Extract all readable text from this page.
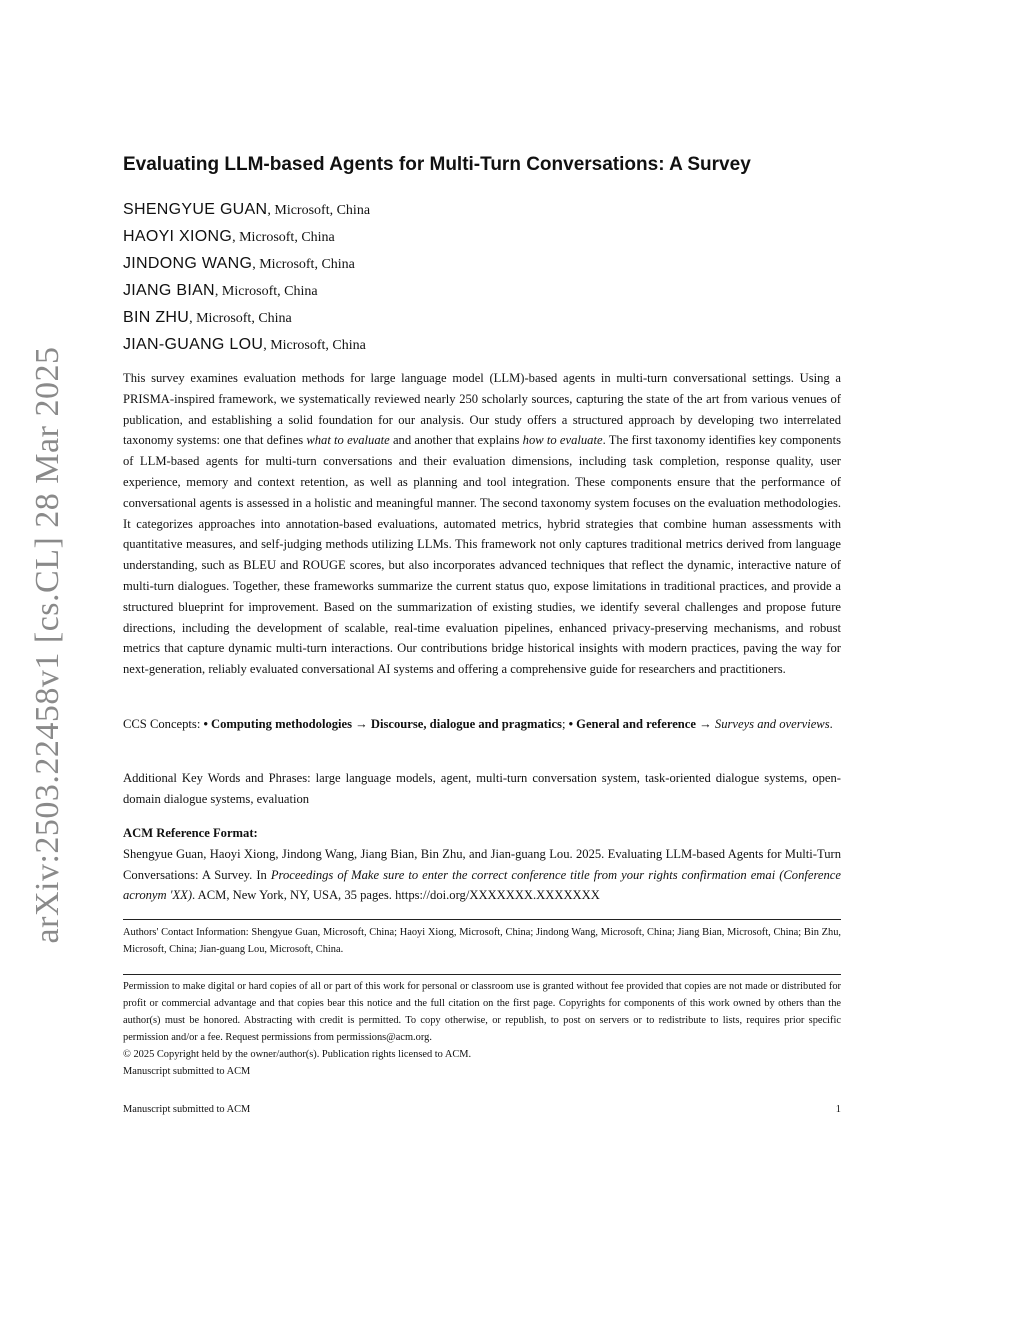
arXiv:2503.22458v1 [cs.CL] 28 Mar 2025
Evaluating LLM-based Agents for Multi-Turn Conversations: A Survey
SHENGYUE GUAN, Microsoft, China
HAOYI XIONG, Microsoft, China
JINDONG WANG, Microsoft, China
JIANG BIAN, Microsoft, China
BIN ZHU, Microsoft, China
JIAN-GUANG LOU, Microsoft, China

This survey examines evaluation methods for large language model (LLM)-based agents in multi-turn conversational settings. Using a PRISMA-inspired framework, we systematically reviewed nearly 250 scholarly sources, capturing the state of the art from various venues of publication, and establishing a solid foundation for our analysis. Our study offers a structured approach by developing two interrelated taxonomy systems: one that defines what to evaluate and another that explains how to evaluate. The first taxonomy identifies key components of LLM-based agents for multi-turn conversations and their evaluation dimensions, including task completion, response quality, user experience, memory and context retention, as well as planning and tool integration. These components ensure that the performance of conversational agents is assessed in a holistic and meaningful manner. The second taxonomy system focuses on the evaluation methodologies. It categorizes approaches into annotation-based evaluations, automated metrics, hybrid strategies that combine human assessments with quantitative measures, and self-judging methods utilizing LLMs. This framework not only captures traditional metrics derived from language understanding, such as BLEU and ROUGE scores, but also incorporates advanced techniques that reflect the dynamic, interactive nature of multi-turn dialogues. Together, these frameworks summarize the current status quo, expose limitations in traditional practices, and provide a structured blueprint for improvement. Based on the summarization of existing studies, we identify several challenges and propose future directions, including the development of scalable, real-time evaluation pipelines, enhanced privacy-preserving mechanisms, and robust metrics that capture dynamic multi-turn interactions. Our contributions bridge historical insights with modern practices, paving the way for next-generation, reliably evaluated conversational AI systems and offering a comprehensive guide for researchers and practitioners.

CCS Concepts: • Computing methodologies → Discourse, dialogue and pragmatics; • General and reference → Surveys and overviews.

Additional Key Words and Phrases: large language models, agent, multi-turn conversation system, task-oriented dialogue systems, open-domain dialogue systems, evaluation

ACM Reference Format:
Shengyue Guan, Haoyi Xiong, Jindong Wang, Jiang Bian, Bin Zhu, and Jian-guang Lou. 2025. Evaluating LLM-based Agents for Multi-Turn Conversations: A Survey. In Proceedings of Make sure to enter the correct conference title from your rights confirmation emai (Conference acronym 'XX). ACM, New York, NY, USA, 35 pages. https://doi.org/XXXXXXX.XXXXXXX

Authors' Contact Information: Shengyue Guan, Microsoft, China; Haoyi Xiong, Microsoft, China; Jindong Wang, Microsoft, China; Jiang Bian, Microsoft, China; Bin Zhu, Microsoft, China; Jian-guang Lou, Microsoft, China.

Permission to make digital or hard copies of all or part of this work for personal or classroom use is granted without fee provided that copies are not made or distributed for profit or commercial advantage and that copies bear this notice and the full citation on the first page. Copyrights for components of this work owned by others than the author(s) must be honored. Abstracting with credit is permitted. To copy otherwise, or republish, to post on servers or to redistribute to lists, requires prior specific permission and/or a fee. Request permissions from permissions@acm.org.

© 2025 Copyright held by the owner/author(s). Publication rights licensed to ACM.

Manuscript submitted to ACM

Manuscript submitted to ACM	1
